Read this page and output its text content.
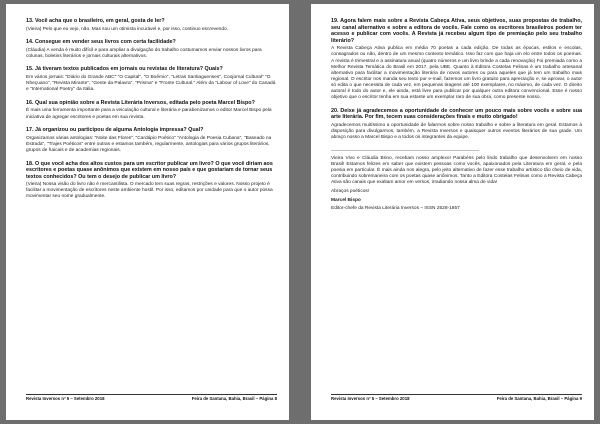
13. Você acha que o brasileiro, em geral, gosta de ler?

(Vieira) Pelo que eu vejo, não. Mas sou um otimista incurável e, por isso, continuo escrevendo.

14. Consegue em vender seus livros com certa facilidade?

(Cláudia) A venda é muito difícil e para ampliar a divulgação do trabalho costumamos enviar nossos livros para colunas, boletins literários e jornais culturais alternativos.

15. Já tiveram textos publicados em jornais ou revistas de literatura? Quais?

Em vários jornais: "Diário do Grande ABC" "O Capital", "O Boêmio", "Letras Santiaguenses", Coojornal Cultural" "O Nheçuano", "Revista Mirante", "Gente da Palavra", "Prisma" e "Fronte Cultural." Além da "Labour of Love" do Canadá e "International Poetry" da Itália.

16. Qual sua opinião sobre a Revista Literária Inversos, editada pelo poeta Marcel Bispo?

É mais uma ferramenta importante para a veiculação cultural e literária e parabenizamos o editor Marcel Bispo pela iniciativa de agregar escritores e poetas em sua revista.

17. Já organizou ou participou de alguma Antologia impressa? Qual?

Organizamos várias antologias: "Noite das Flores", "Cardápio Poético" "Antologia de Poesia Cubana", "Baseado na Estrada", "Trajes Poéticos" entre outras e estamos também, regularmente, antologias para vários grupos literários, grupos de haicais e de academias regionais.

18. O que você acha dos altos custos para um escritor publicar um livro? O que você diriam aos escritores e poetas quase anônimos que existem em nosso país e que gostariam de tornar seus textos conhecidos? Ou tem o desejo de publicar um livro?

(Vieira) Nossa visão do livro não é mercantilista. O mercado tem suas regras, restrições e valores. Nosso projeto é facilitar a movimentação de escritores neste ambiente hostil. Por isso, editamos por unidade para que o autor possa movimentar seu nome gradualmente.

Revista Inversos nº 5 – Setembro 2018	Feira de Santana, Bahia, Brasil – Página 8

19. Agora falem mais sobre a Revista Cabeça Ativa, seus objetivos, suas propostas de trabalho, seu canal alternativo e sobre a editora de vocês. Fale como os escritores brasileiros podem ter acesso e publicar com vocês. A Revista já recebeu algum tipo de premiação pelo seu trabalho literário?

A Revista Cabeça Ativa publica em média 70 poetas a cada edição. De todas as épocas, estilos e escolas, consagrados ou não, dentro de um mesmo contexto temático. Isso faz com que haja um elo entre todos os poemas. A revista é trimestral e a assinatura anual (quatro números e um livro brinde a cada renovação) Foi premiada como a Melhor Revista Temática do Brasil em 2017, pela UBE. Quanto à Editora Costelas Felinas é um trabalho artesanal alternativo para facilitar a movimentação literária de novos autores ou para aqueles que já tem um trabalho mais regional. O escritor nos manda seu texto por e-mail, fazemos um livro gratuito para apreciação e, se aprovar, o autor só edita o que necessita de cada vez, em pequenas tiragens até 100 exemplares, no máximo, de cada vez. O direito autoral é todo do autor e, ele ainda, está livre para publicar por qualquer outra editora convencional. Esse é nosso objetivo que o escritor tenha em sua estante um exemplar raro de sua obra, como presente nosso.

20. Deixe já agradecemos a oportunidade de conhecer um pouco mais sobre vocês e sobre sua arte literária. Por fim, tecem suas considerações finais e muito obrigado!

Agradecemos muitíssimo a oportunidade de falarmos sobre nosso trabalho e sobre a literatura em geral. Estamos à disposição para divulgarmos, também, a Revista Inversos e quaisquer outros eventos literários de sua grade. Um abraço nosso a Marcel Bispo e a todos os integrantes da equipe.

-----------------------------------------------------------------------------------------------------------------------------------

Vieira Vivo e Cláudia Brino, recebam nosso amplexo! Parabéns pelo lindo trabalho que desenvolvem em nosso Brasil! Estamos felizes em saber que existem pessoas como vocês, apaixonados pela Literatura em geral, e pela poesia em particular. É mais ainda nos alegra, pelo jeito alternativo de fazer esse trabalho artístico tão cheio de vida, contribuindo sobremaneira com os poetas quase anônimos. Tanto a Editora Costelas Felinas como a Revista Cabeça Ativa são canais que exaltam amor em versos, irradiando nossa alma de vida!

Abraços poéticos!

Marcel Bispo

Editor-chefe da Revista Literária Inversos – ISSN 2528-1857

Revista Inversos nº 5 – Setembro 2018	Feira de Santana, Bahia, Brasil – Página 9
